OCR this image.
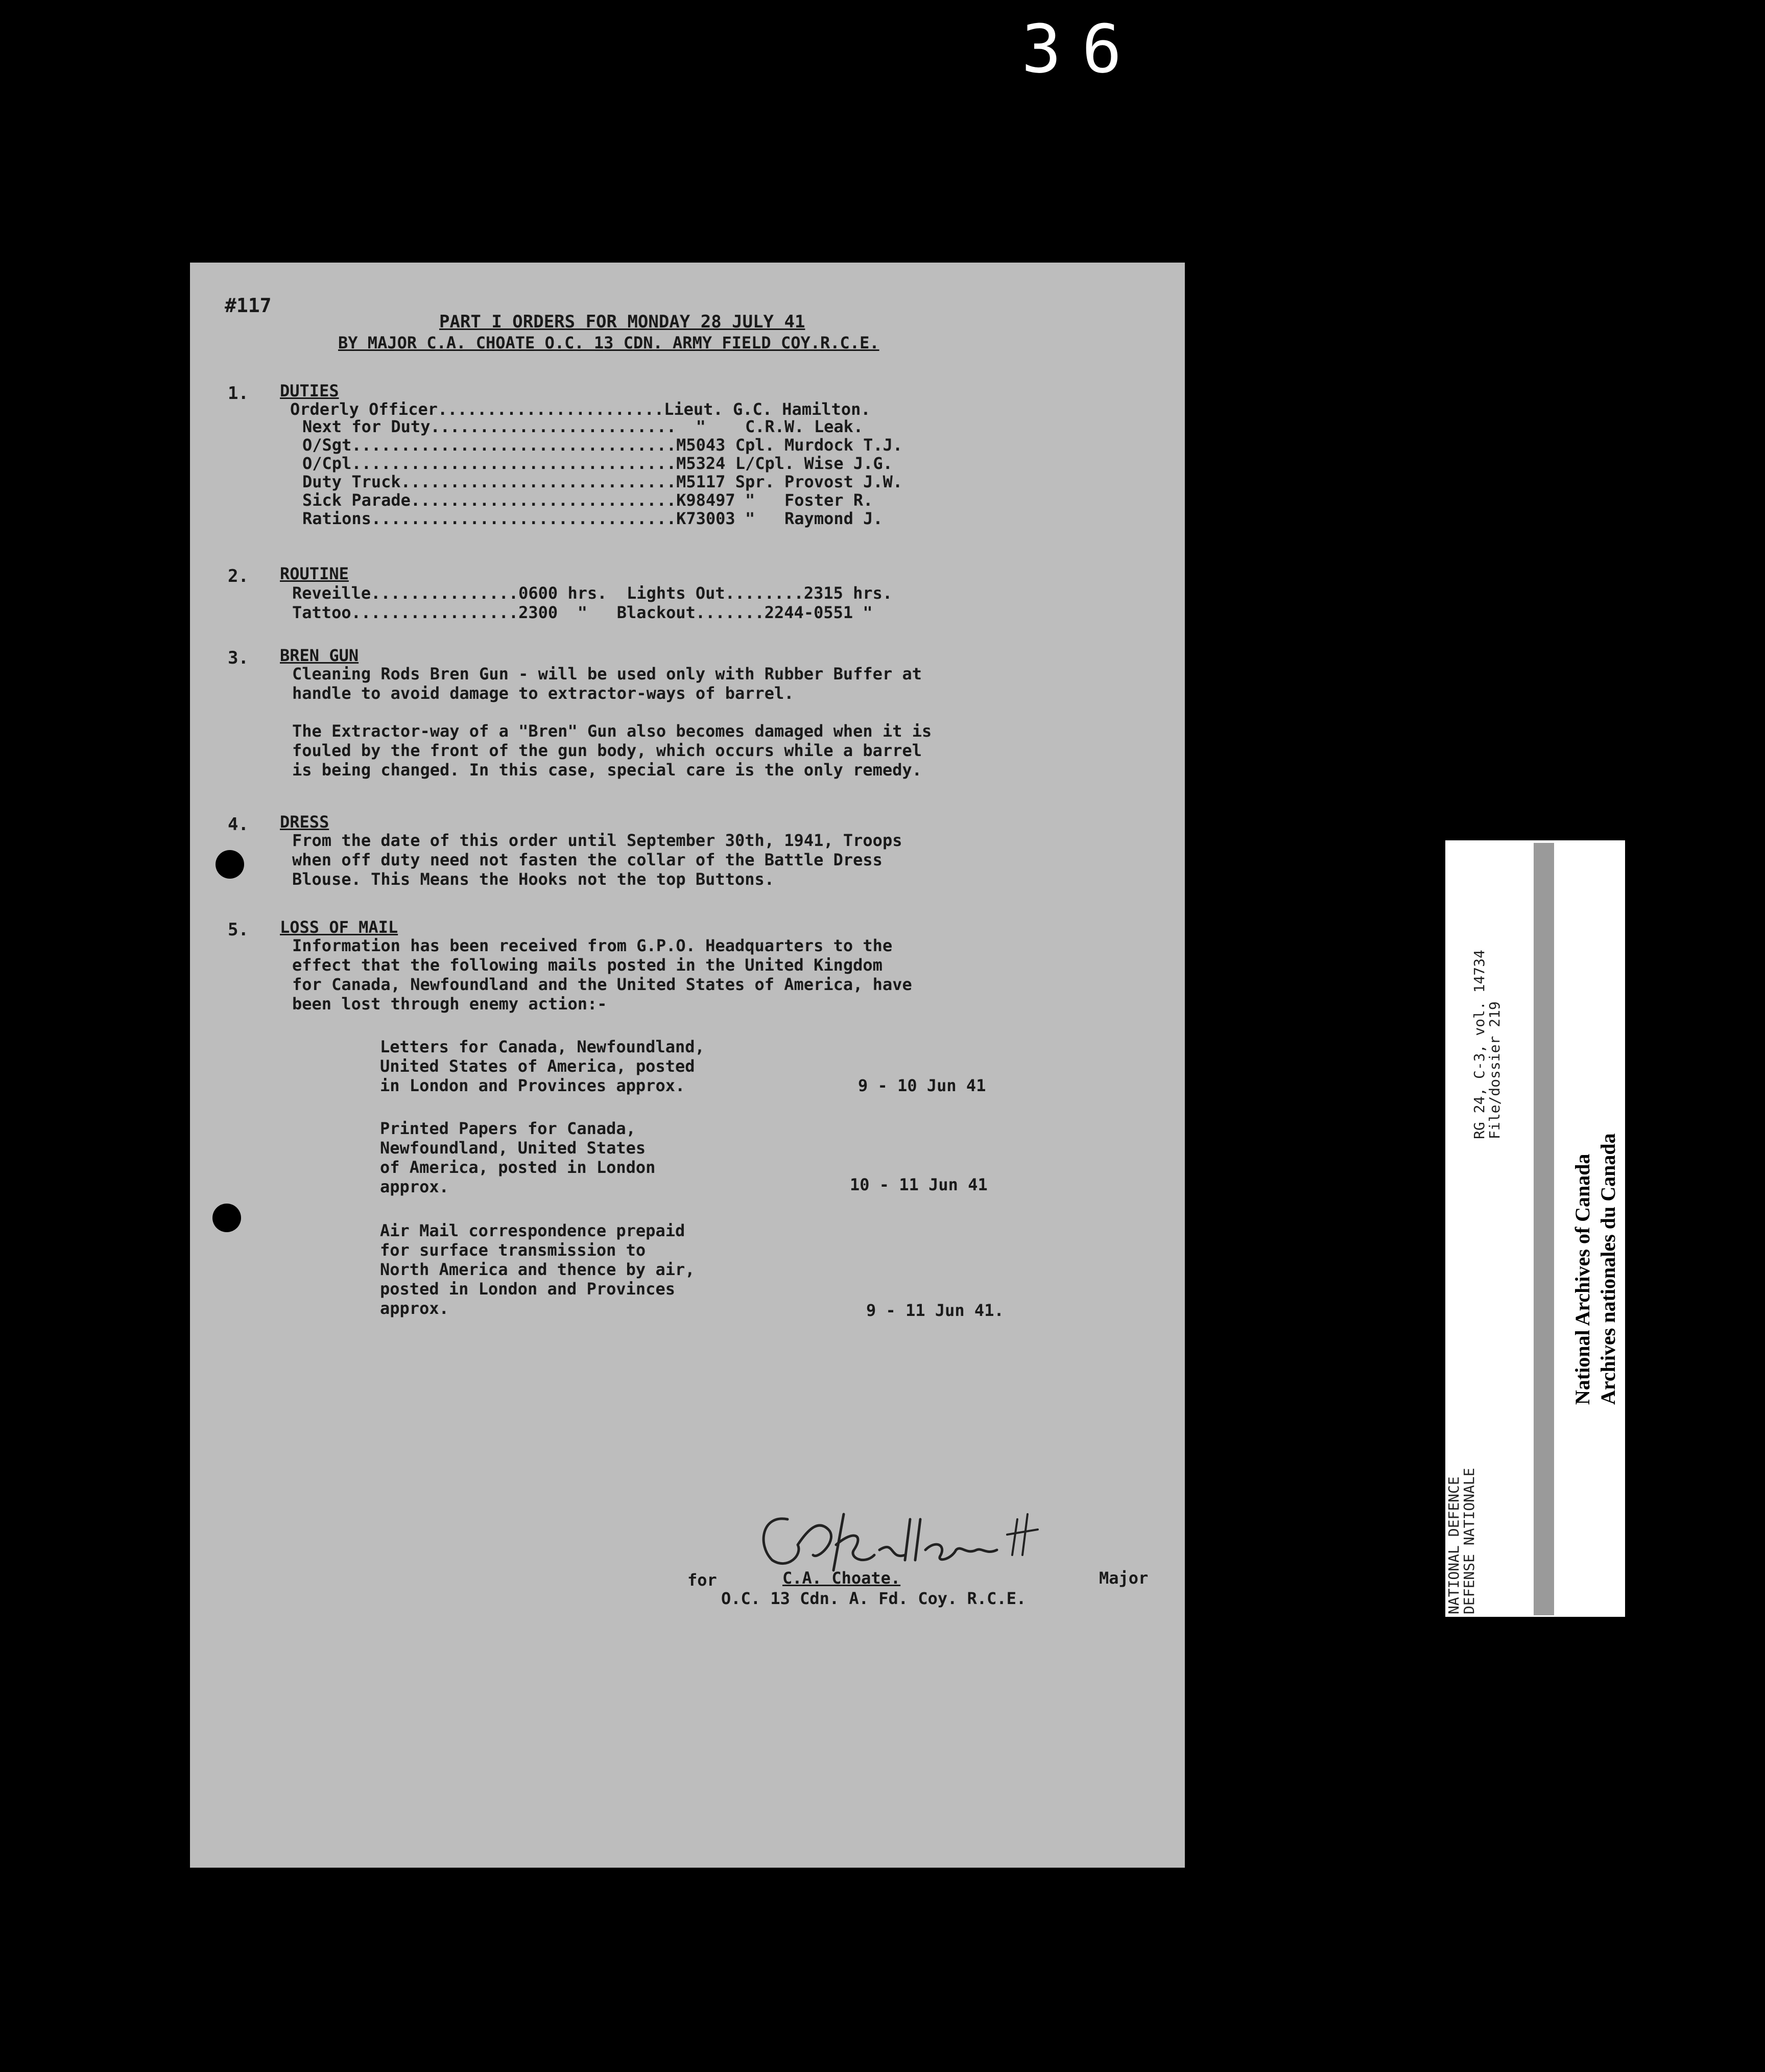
36
#117
PART I ORDERS FOR MONDAY 28 JULY 41
BY MAJOR C.A. CHOATE O.C. 13 CDN. ARMY FIELD COY.R.C.E.
1. DUTIES
Orderly Officer.......................Lieut. G.C. Hamilton.
Next for Duty.........................  "    C.R.W. Leak.
O/Sgt.................................M5043 Cpl. Murdock T.J.
O/Cpl.................................M5324 L/Cpl. Wise J.G.
Duty Truck............................M5117 Spr. Provost J.W.
Sick Parade...........................K98497 "   Foster R.
Rations...............................K73003 "   Raymond J.
2. ROUTINE
Reveille...............0600 hrs.  Lights Out........2315 hrs.
Tattoo.................2300  "   Blackout.......2244-0551 "
3. BREN GUN
Cleaning Rods Bren Gun - will be used only with Rubber Buffer at
handle to avoid damage to extractor-ways of barrel.
The Extractor-way of a "Bren" Gun also becomes damaged when it is
fouled by the front of the gun body, which occurs while a barrel
is being changed. In this case, special care is the only remedy.
4. DRESS
From the date of this order until September 30th, 1941, Troops
when off duty need not fasten the collar of the Battle Dress
Blouse. This Means the Hooks not the top Buttons.
5. LOSS OF MAIL
Information has been received from G.P.O. Headquarters to the
effect that the following mails posted in the United Kingdom
for Canada, Newfoundland and the United States of America, have
been lost through enemy action:-
Letters for Canada, Newfoundland,
United States of America, posted
in London and Provinces approx.	9 - 10 Jun 41
Printed Papers for Canada,
Newfoundland, United States
of America, posted in London
approx.	10 - 11 Jun 41
Air Mail correspondence prepaid
for surface transmission to
North America and thence by air,
posted in London and Provinces
approx.	9 - 11 Jun 41.
for	C.A. Choate.	Major
O.C. 13 Cdn. A. Fd. Coy. R.C.E.
RG 24, C-3, vol. 14734
File/dossier 219
NATIONAL DEFENCE
DEFENSE NATIONALE
National Archives of Canada Archives nationales du Canada
